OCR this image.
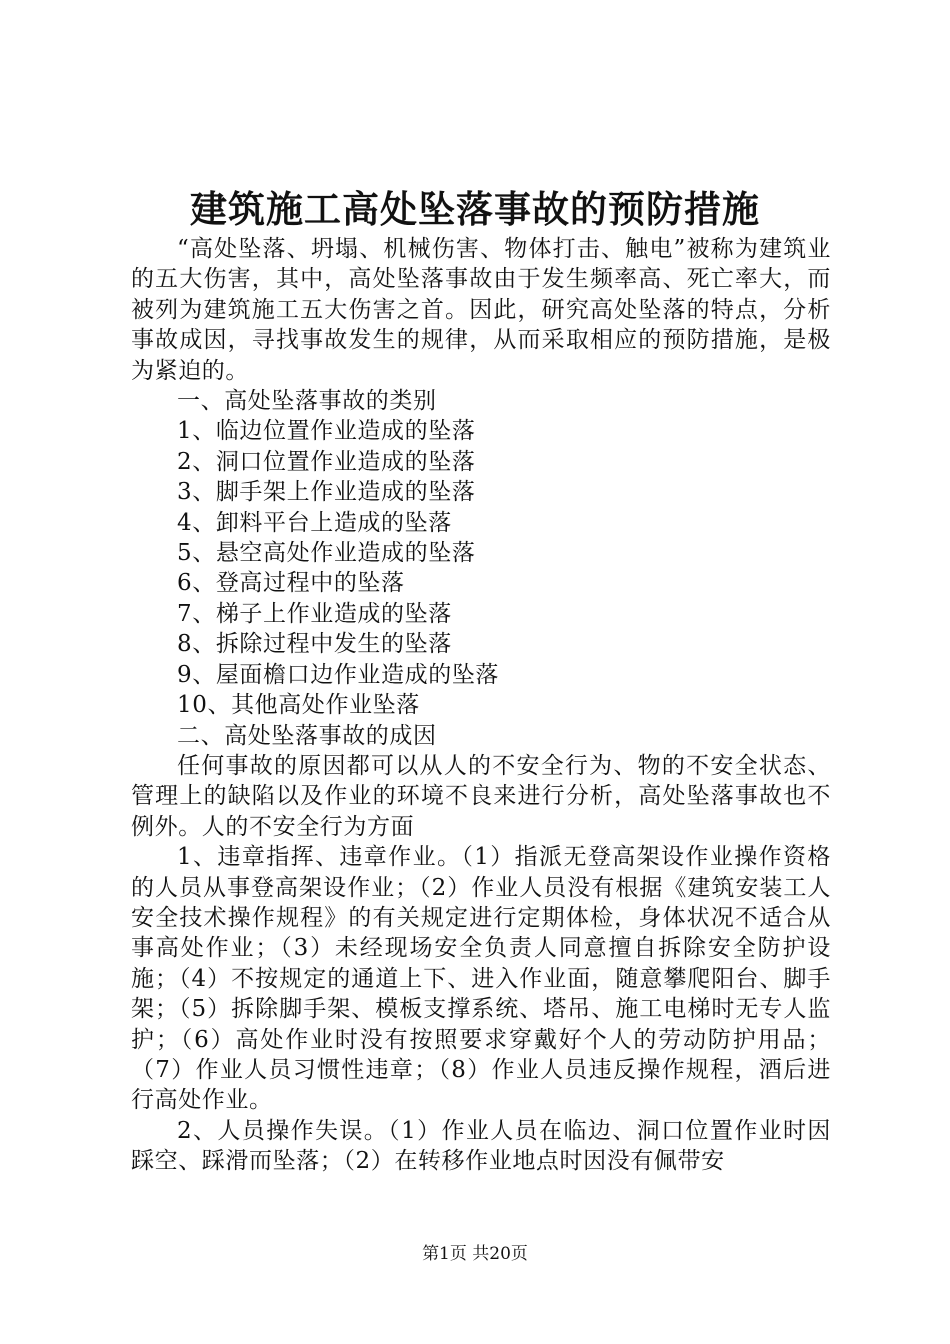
建筑施工高处坠落事故的预防措施

“高处坠落、坍塌、机械伤害、物体打击、触电”被称为建筑业的五大伤害，其中，高处坠落事故由于发生频率高、死亡率大，而被列为建筑施工五大伤害之首。因此，研究高处坠落的特点，分析事故成因，寻找事故发生的规律，从而采取相应的预防措施，是极为紧迫的。

一、高处坠落事故的类别

1、临边位置作业造成的坠落

2、洞口位置作业造成的坠落

3、脚手架上作业造成的坠落

4、卸料平台上造成的坠落

5、悬空高处作业造成的坠落

6、登高过程中的坠落

7、梯子上作业造成的坠落

8、拆除过程中发生的坠落

9、屋面檐口边作业造成的坠落

10、其他高处作业坠落

二、高处坠落事故的成因

任何事故的原因都可以从人的不安全行为、物的不安全状态、管理上的缺陷以及作业的环境不良来进行分析，高处坠落事故也不例外。人的不安全行为方面

1、违章指挥、违章作业。（1）指派无登高架设作业操作资格的人员从事登高架设作业；（2）作业人员没有根据《建筑安装工人安全技术操作规程》的有关规定进行定期体检，身体状况不适合从事高处作业；（3）未经现场安全负责人同意擅自拆除安全防护设施；（4）不按规定的通道上下、进入作业面，随意攀爬阳台、脚手架；（5）拆除脚手架、模板支撑系统、塔吊、施工电梯时无专人监护；（6）高处作业时没有按照要求穿戴好个人的劳动防护用品；（7）作业人员习惯性违章；（8）作业人员违反操作规程，酒后进行高处作业。

2、人员操作失误。（1）作业人员在临边、洞口位置作业时因踩空、踩滑而坠落；（2）在转移作业地点时因没有佩带安

第1页 共20页
